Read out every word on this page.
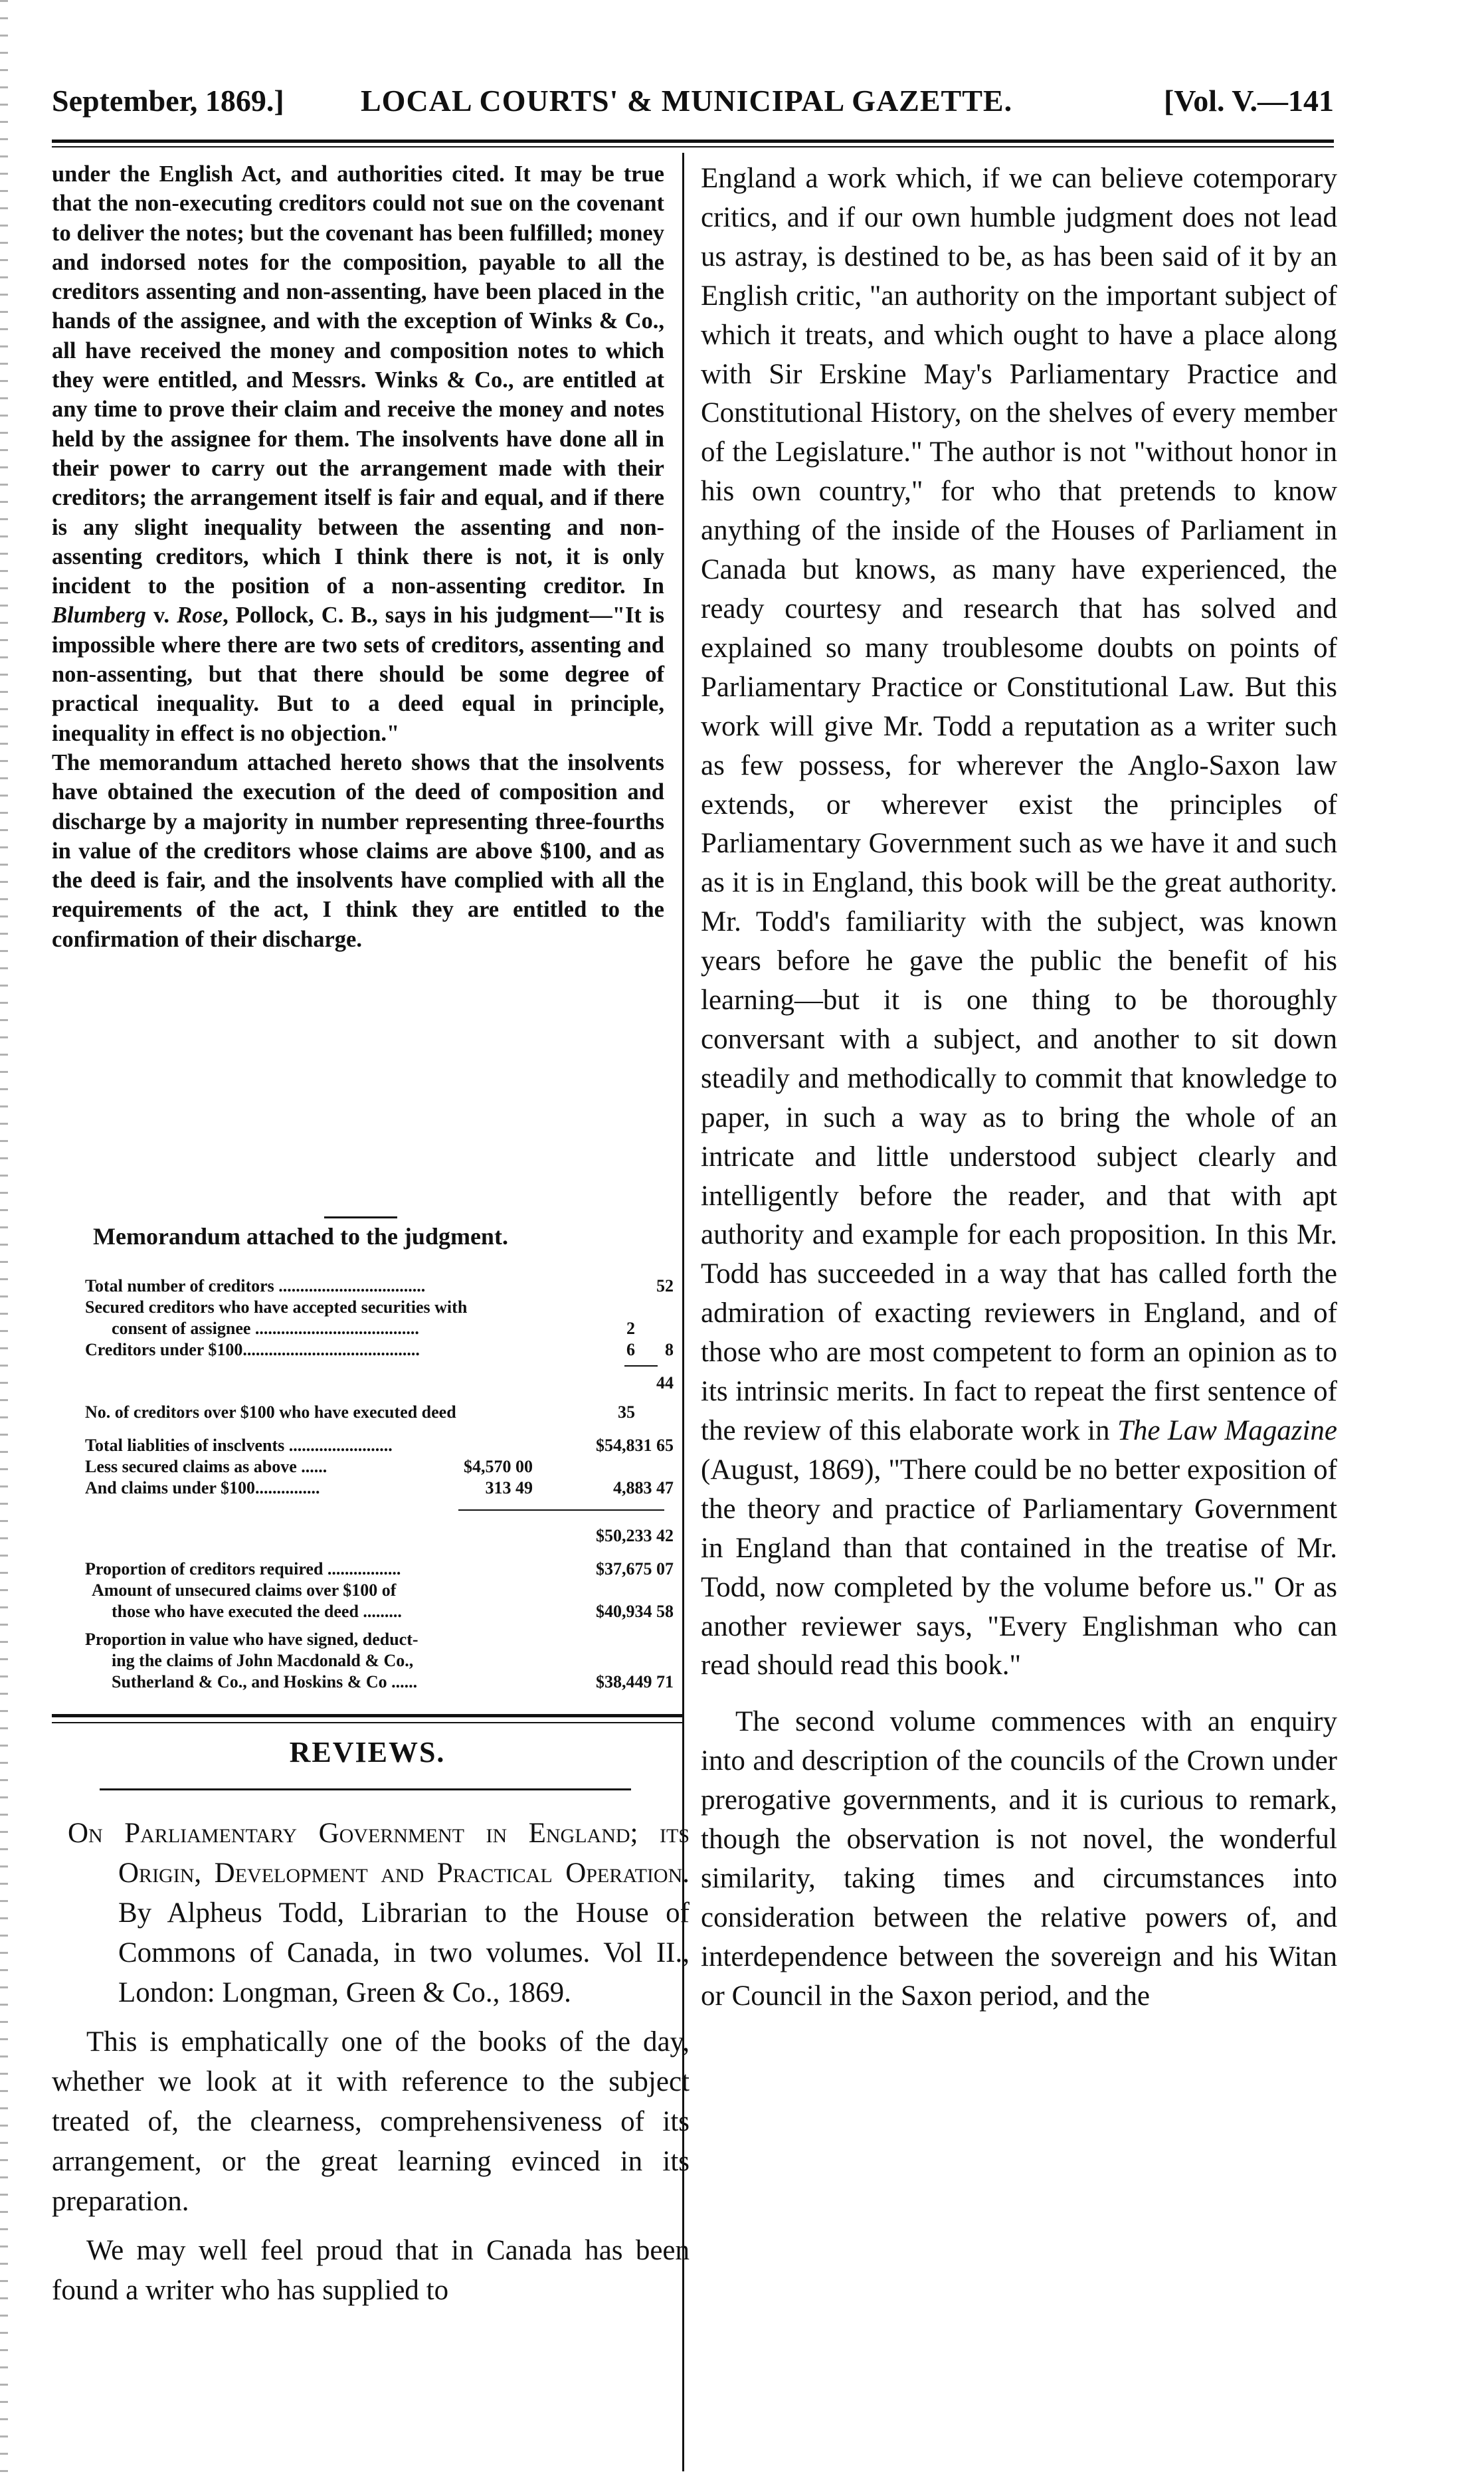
September, 1869.]	LOCAL COURTS' & MUNICIPAL GAZETTE.	[Vol. V.—141

under the English Act, and authorities cited. It may be true that the non-executing creditors could not sue on the covenant to deliver the notes; but the covenant has been fulfilled; money and indorsed notes for the composition, payable to all the creditors assenting and non-assenting, have been placed in the hands of the assignee, and with the exception of Winks & Co., all have received the money and composition notes to which they were entitled, and Messrs. Winks & Co., are entitled at any time to prove their claim and receive the money and notes held by the assignee for them. The insolvents have done all in their power to carry out the arrangement made with their creditors; the arrangement itself is fair and equal, and if there is any slight inequality between the assenting and non-assenting creditors, which I think there is not, it is only incident to the position of a non-assenting creditor. In Blumberg v. Rose, Pollock, C. B., says in his judgment—"It is impossible where there are two sets of creditors, assenting and non-assenting, but that there should be some degree of practical inequality. But to a deed equal in principle, inequality in effect is no objection."

The memorandum attached hereto shows that the insolvents have obtained the execution of the deed of composition and discharge by a majority in number representing three-fourths in value of the creditors whose claims are above $100, and as the deed is fair, and the insolvents have complied with all the requirements of the act, I think they are entitled to the confirmation of their discharge.

Memorandum attached to the judgment.
Total number of creditors ..................................	52
Secured creditors who have accepted securities with
consent of assignee ......................................	2
Creditors under $100.........................................	6 8
44
No. of creditors over $100 who have executed deed	35
Total liablities of insclvents ........................	$54,831 65
Less secured claims as above ......	$4,570 00
And claims under $100...............	313 49	4,883 47
$50,233 42
Proportion of creditors required .................	$37,675 07
Amount of unsecured claims over $100 of
those who have executed the deed .........	$40,934 58
Proportion in value who have signed, deduct-
ing the claims of John Macdonald & Co.,
Sutherland & Co., and Hoskins & Co ......	$38,449 71
REVIEWS.

On Parliamentary Government in England; its Origin, Development and Practical Operation. By Alpheus Todd, Librarian to the House of Commons of Canada, in two volumes. Vol II., London: Longman, Green & Co., 1869.

This is emphatically one of the books of the day, whether we look at it with reference to the subject treated of, the clearness, comprehensiveness of its arrangement, or the great learning evinced in its preparation.

We may well feel proud that in Canada has been found a writer who has supplied to

England a work which, if we can believe cotemporary critics, and if our own humble judgment does not lead us astray, is destined to be, as has been said of it by an English critic, "an authority on the important subject of which it treats, and which ought to have a place along with Sir Erskine May's Parliamentary Practice and Constitutional History, on the shelves of every member of the Legislature." The author is not "without honor in his own country," for who that pretends to know anything of the inside of the Houses of Parliament in Canada but knows, as many have experienced, the ready courtesy and research that has solved and explained so many troublesome doubts on points of Parliamentary Practice or Constitutional Law. But this work will give Mr. Todd a reputation as a writer such as few possess, for wherever the Anglo-Saxon law extends, or wherever exist the principles of Parliamentary Government such as we have it and such as it is in England, this book will be the great authority. Mr. Todd's familiarity with the subject, was known years before he gave the public the benefit of his learning—but it is one thing to be thoroughly conversant with a subject, and another to sit down steadily and methodically to commit that knowledge to paper, in such a way as to bring the whole of an intricate and little understood subject clearly and intelligently before the reader, and that with apt authority and example for each proposition. In this Mr. Todd has succeeded in a way that has called forth the admiration of exacting reviewers in England, and of those who are most competent to form an opinion as to its intrinsic merits. In fact to repeat the first sentence of the review of this elaborate work in The Law Magazine (August, 1869), "There could be no better exposition of the theory and practice of Parliamentary Government in England than that contained in the treatise of Mr. Todd, now completed by the volume before us." Or as another reviewer says, "Every Englishman who can read should read this book."

The second volume commences with an enquiry into and description of the councils of the Crown under prerogative governments, and it is curious to remark, though the observation is not novel, the wonderful similarity, taking times and circumstances into consideration between the relative powers of, and interdependence between the sovereign and his Witan or Council in the Saxon period, and the
